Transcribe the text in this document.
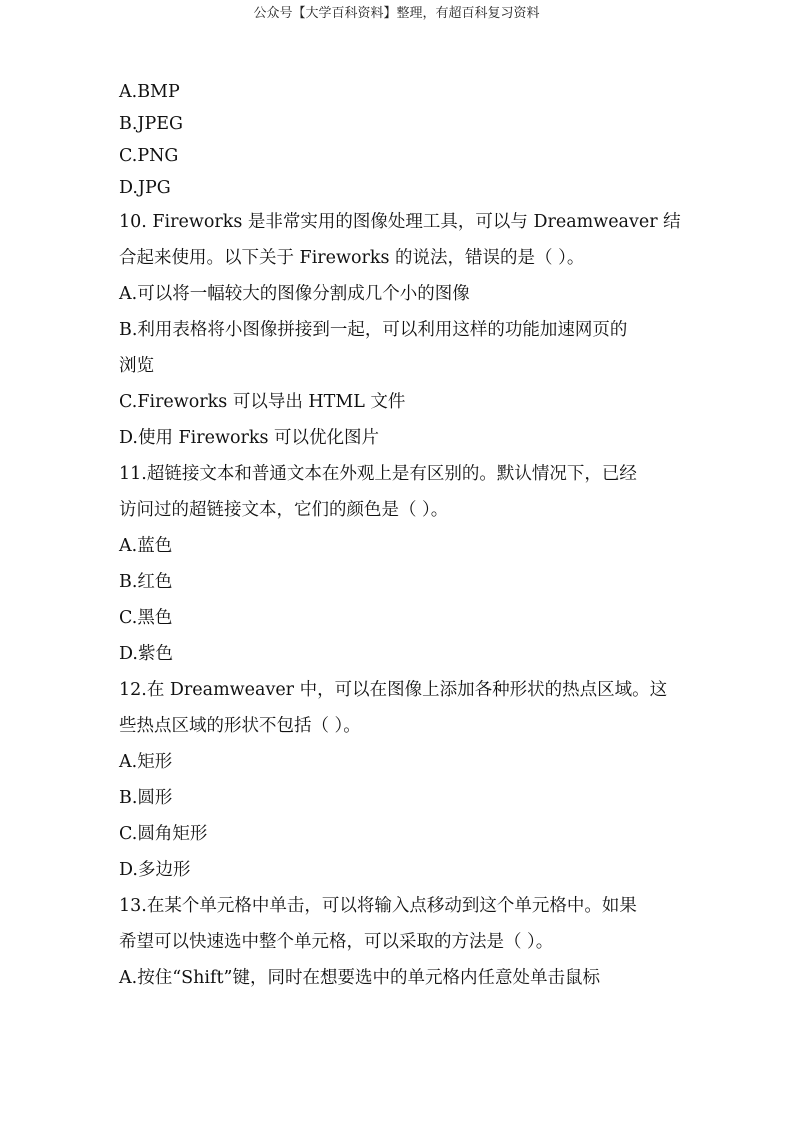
公众号【大学百科资料】整理，有超百科复习资料

A.BMP

B.JPEG

C.PNG

D.JPG

10. Fireworks 是非常实用的图像处理工具，可以与 Dreamweaver 结

合起来使用。以下关于 Fireworks 的说法，错误的是（ ）。

A.可以将一幅较大的图像分割成几个小的图像

B.利用表格将小图像拼接到一起，可以利用这样的功能加速网页的

浏览

C.Fireworks 可以导出 HTML 文件

D.使用 Fireworks 可以优化图片

11.超链接文本和普通文本在外观上是有区别的。默认情况下，已经

访问过的超链接文本，它们的颜色是（ ）。

A.蓝色

B.红色

C.黑色

D.紫色

12.在 Dreamweaver 中，可以在图像上添加各种形状的热点区域。这

些热点区域的形状不包括（ ）。

A.矩形

B.圆形

C.圆角矩形

D.多边形

13.在某个单元格中单击，可以将输入点移动到这个单元格中。如果

希望可以快速选中整个单元格，可以采取的方法是（ ）。

A.按住“Shift”键，同时在想要选中的单元格内任意处单击鼠标
